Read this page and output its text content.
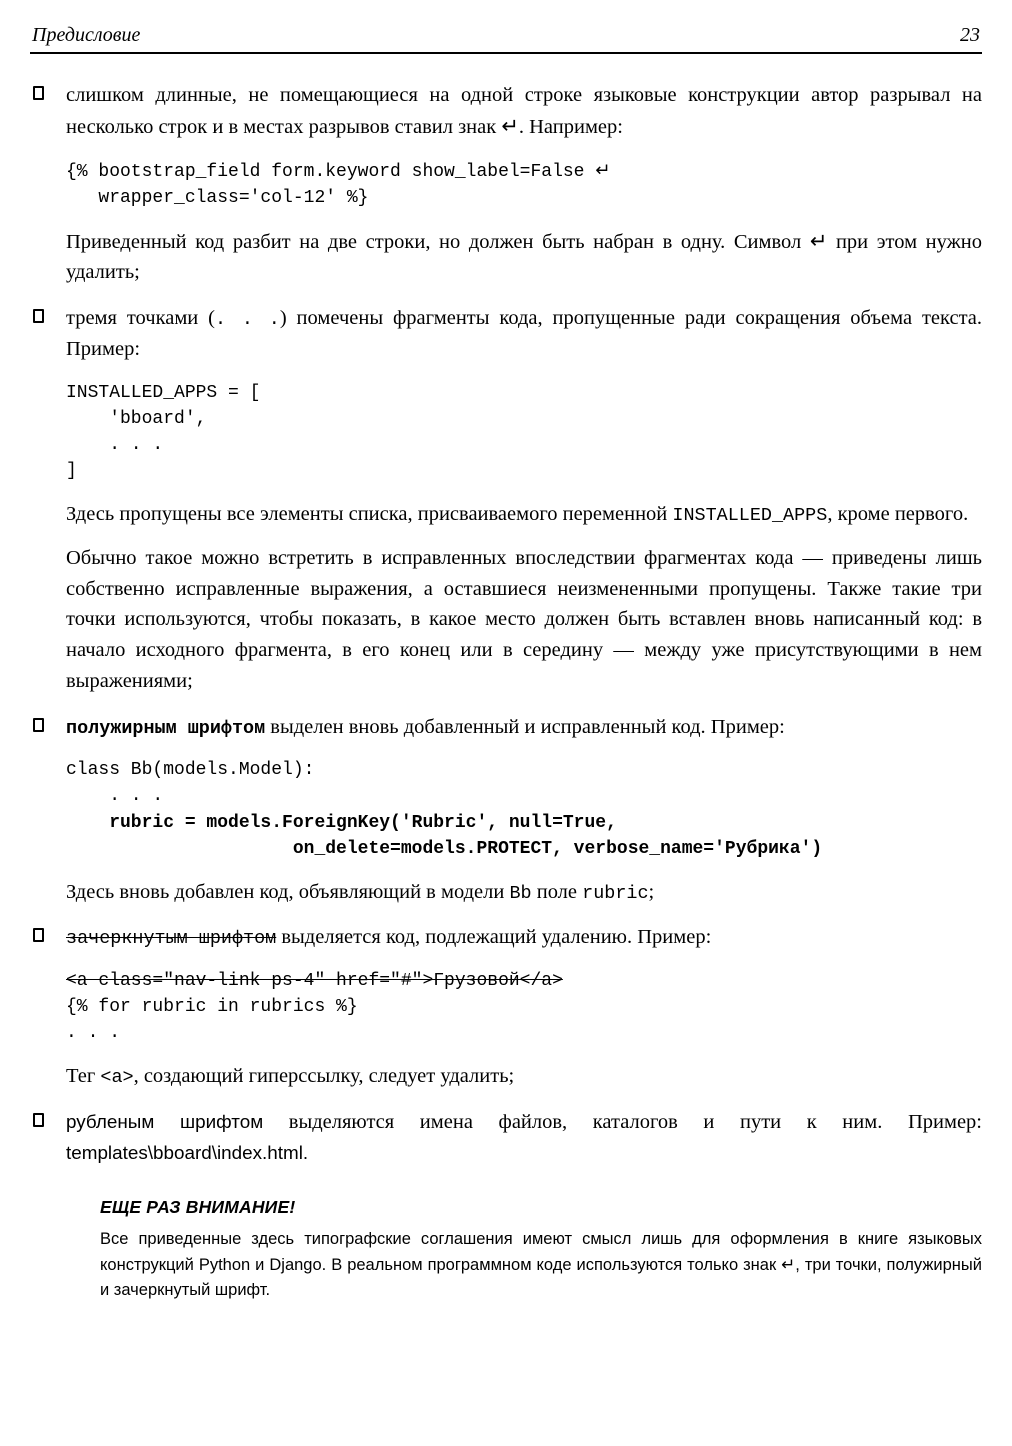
Предисловие	23

слишком длинные, не помещающиеся на одной строке языковые конструкции автор разрывал на несколько строк и в местах разрывов ставил знак ↵. Например:

{% bootstrap_field form.keyword show_label=False ↵
wrapper_class='col-12' %}

Приведенный код разбит на две строки, но должен быть набран в одну. Символ ↵ при этом нужно удалить;

тремя точками (. . .) помечены фрагменты кода, пропущенные ради сокращения объема текста. Пример:

INSTALLED_APPS = [
'bboard',
. . .
]

Здесь пропущены все элементы списка, присваиваемого переменной INSTALLED_APPS, кроме первого.

Обычно такое можно встретить в исправленных впоследствии фрагментах кода — приведены лишь собственно исправленные выражения, а оставшиеся неизмененными пропущены. Также такие три точки используются, чтобы показать, в какое место должен быть вставлен вновь написанный код: в начало исходного фрагмента, в его конец или в середину — между уже присутствующими в нем выражениями;

полужирным шрифтом выделен вновь добавленный и исправленный код. Пример:

class Bb(models.Model):
. . .
rubric = models.ForeignKey('Rubric', null=True,
on_delete=models.PROTECT, verbose_name='Рубрика')

Здесь вновь добавлен код, объявляющий в модели Bb поле rubric;

зачеркнутым шрифтом выделяется код, подлежащий удалению. Пример:

<a class="nav-link ps-4" href="#">Грузовой</a>
{% for rubric in rubrics %}
. . .

Тег <a>, создающий гиперссылку, следует удалить;

рубленым шрифтом выделяются имена файлов, каталогов и пути к ним. Пример: templates\bboard\index.html.

ЕЩЕ РАЗ ВНИМАНИЕ!

Все приведенные здесь типографские соглашения имеют смысл лишь для оформления в книге языковых конструкций Python и Django. В реальном программном коде используются только знак ↵, три точки, полужирный и зачеркнутый шрифт.
